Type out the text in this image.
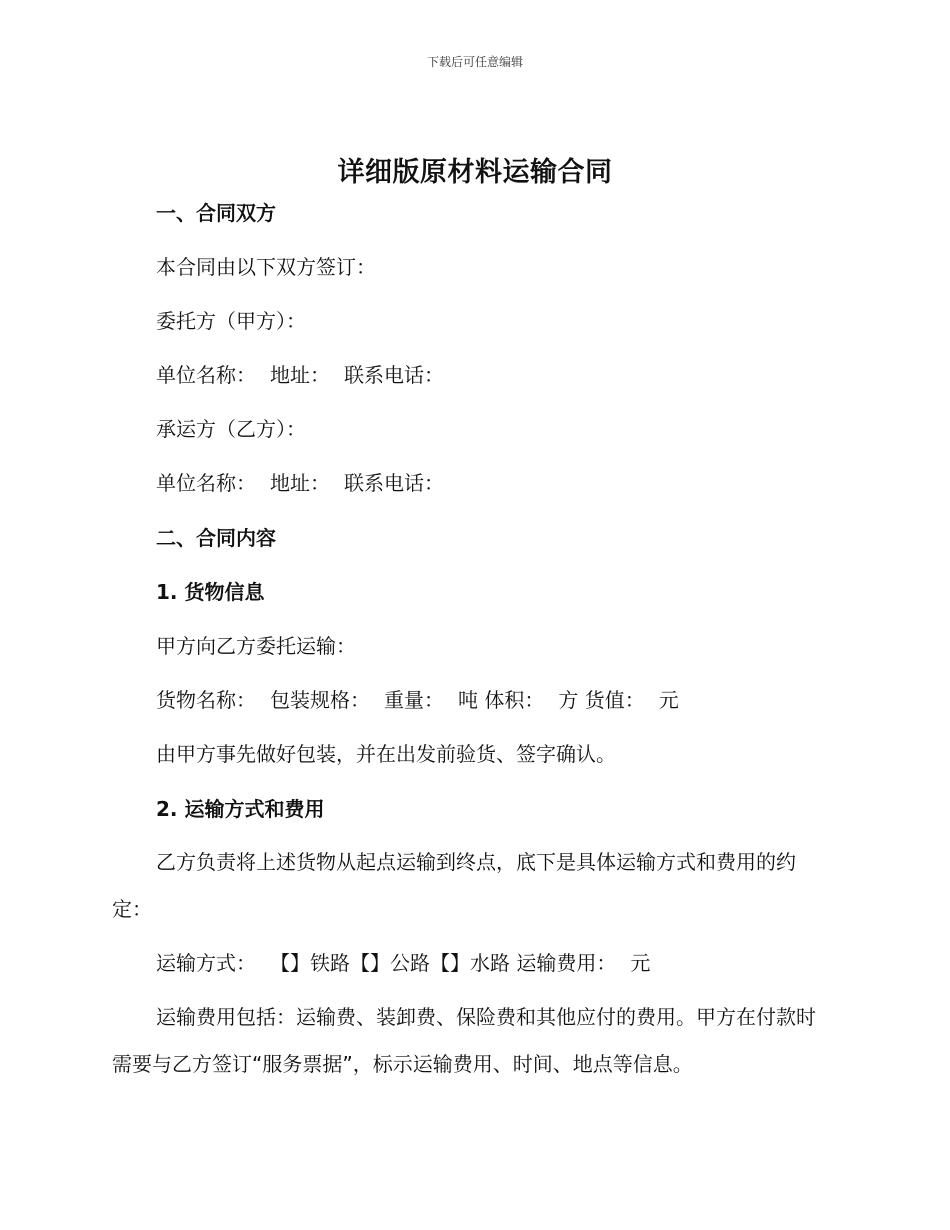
下载后可任意编辑
详细版原材料运输合同
一、合同双方
本合同由以下双方签订：
委托方（甲方）：
单位名称： 地址： 联系电话：
承运方（乙方）：
单位名称： 地址： 联系电话：
二、合同内容
1. 货物信息
甲方向乙方委托运输：
货物名称： 包装规格： 重量： 吨 体积： 方 货值： 元
由甲方事先做好包装，并在出发前验货、签字确认。
2. 运输方式和费用
乙方负责将上述货物从起点运输到终点，底下是具体运输方式和费用的约定：
运输方式： 【】铁路【】公路【】水路 运输费用： 元
运输费用包括：运输费、装卸费、保险费和其他应付的费用。甲方在付款时需要与乙方签订“服务票据”，标示运输费用、时间、地点等信息。
